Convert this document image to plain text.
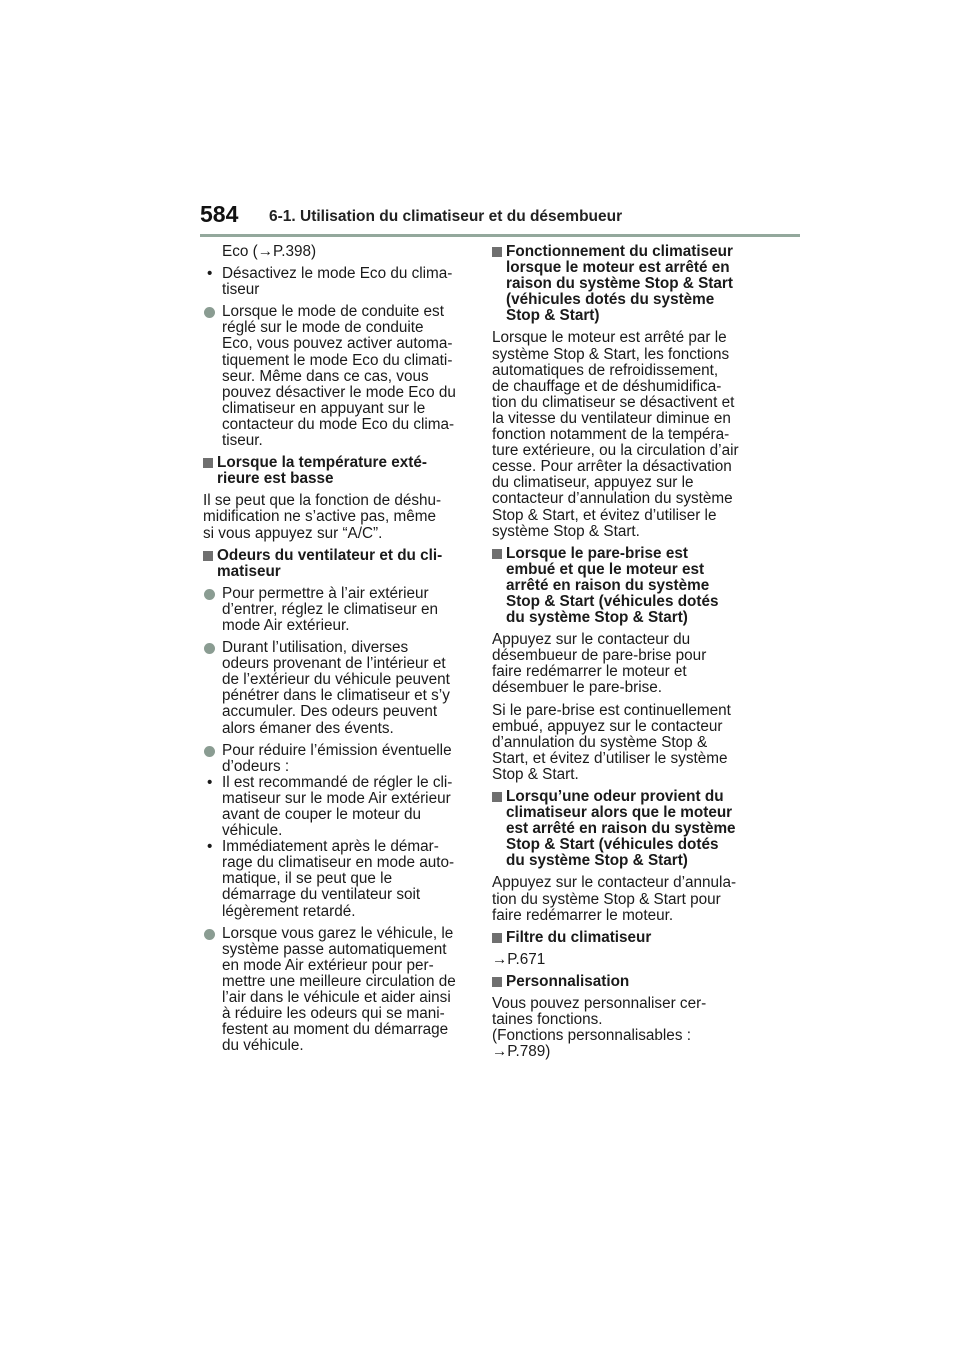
584 6-1. Utilisation du climatiseur et du désembueur
Eco (→P.398)
• Désactivez le mode Eco du clima-
tiseur
Lorsque le mode de conduite est
réglé sur le mode de conduite
Eco, vous pouvez activer automa-
tiquement le mode Eco du climati-
seur. Même dans ce cas, vous
pouvez désactiver le mode Eco du
climatiseur en appuyant sur le
contacteur du mode Eco du clima-
tiseur.
Lorsque la température exté-
rieure est basse
Il se peut que la fonction de déshu-
midification ne s’active pas, même
si vous appuyez sur “A/C”.
Odeurs du ventilateur et du cli-
matiseur
Pour permettre à l’air extérieur
d’entrer, réglez le climatiseur en
mode Air extérieur.
Durant l’utilisation, diverses
odeurs provenant de l’intérieur et
de l’extérieur du véhicule peuvent
pénétrer dans le climatiseur et s’y
accumuler. Des odeurs peuvent
alors émaner des évents.
Pour réduire l’émission éventuelle
d’odeurs :
• Il est recommandé de régler le cli-
matiseur sur le mode Air extérieur
avant de couper le moteur du
véhicule.
• Immédiatement après le démar-
rage du climatiseur en mode auto-
matique, il se peut que le
démarrage du ventilateur soit
légèrement retardé.
Lorsque vous garez le véhicule, le
système passe automatiquement
en mode Air extérieur pour per-
mettre une meilleure circulation de
l’air dans le véhicule et aider ainsi
à réduire les odeurs qui se mani-
festent au moment du démarrage
du véhicule.
Fonctionnement du climatiseur
lorsque le moteur est arrêté en
raison du système Stop & Start
(véhicules dotés du système
Stop & Start)
Lorsque le moteur est arrêté par le
système Stop & Start, les fonctions
automatiques de refroidissement,
de chauffage et de déshumidifica-
tion du climatiseur se désactivent et
la vitesse du ventilateur diminue en
fonction notamment de la tempéra-
ture extérieure, ou la circulation d’air
cesse. Pour arrêter la désactivation
du climatiseur, appuyez sur le
contacteur d’annulation du système
Stop & Start, et évitez d’utiliser le
système Stop & Start.
Lorsque le pare-brise est
embué et que le moteur est
arrêté en raison du système
Stop & Start (véhicules dotés
du système Stop & Start)
Appuyez sur le contacteur du
désembueur de pare-brise pour
faire redémarrer le moteur et
désembuer le pare-brise.
Si le pare-brise est continuellement
embué, appuyez sur le contacteur
d’annulation du système Stop &
Start, et évitez d’utiliser le système
Stop & Start.
Lorsqu’une odeur provient du
climatiseur alors que le moteur
est arrêté en raison du système
Stop & Start (véhicules dotés
du système Stop & Start)
Appuyez sur le contacteur d’annula-
tion du système Stop & Start pour
faire redémarrer le moteur.
Filtre du climatiseur
→P.671
Personnalisation
Vous pouvez personnaliser cer-
taines fonctions.
(Fonctions personnalisables :
→P.789)
